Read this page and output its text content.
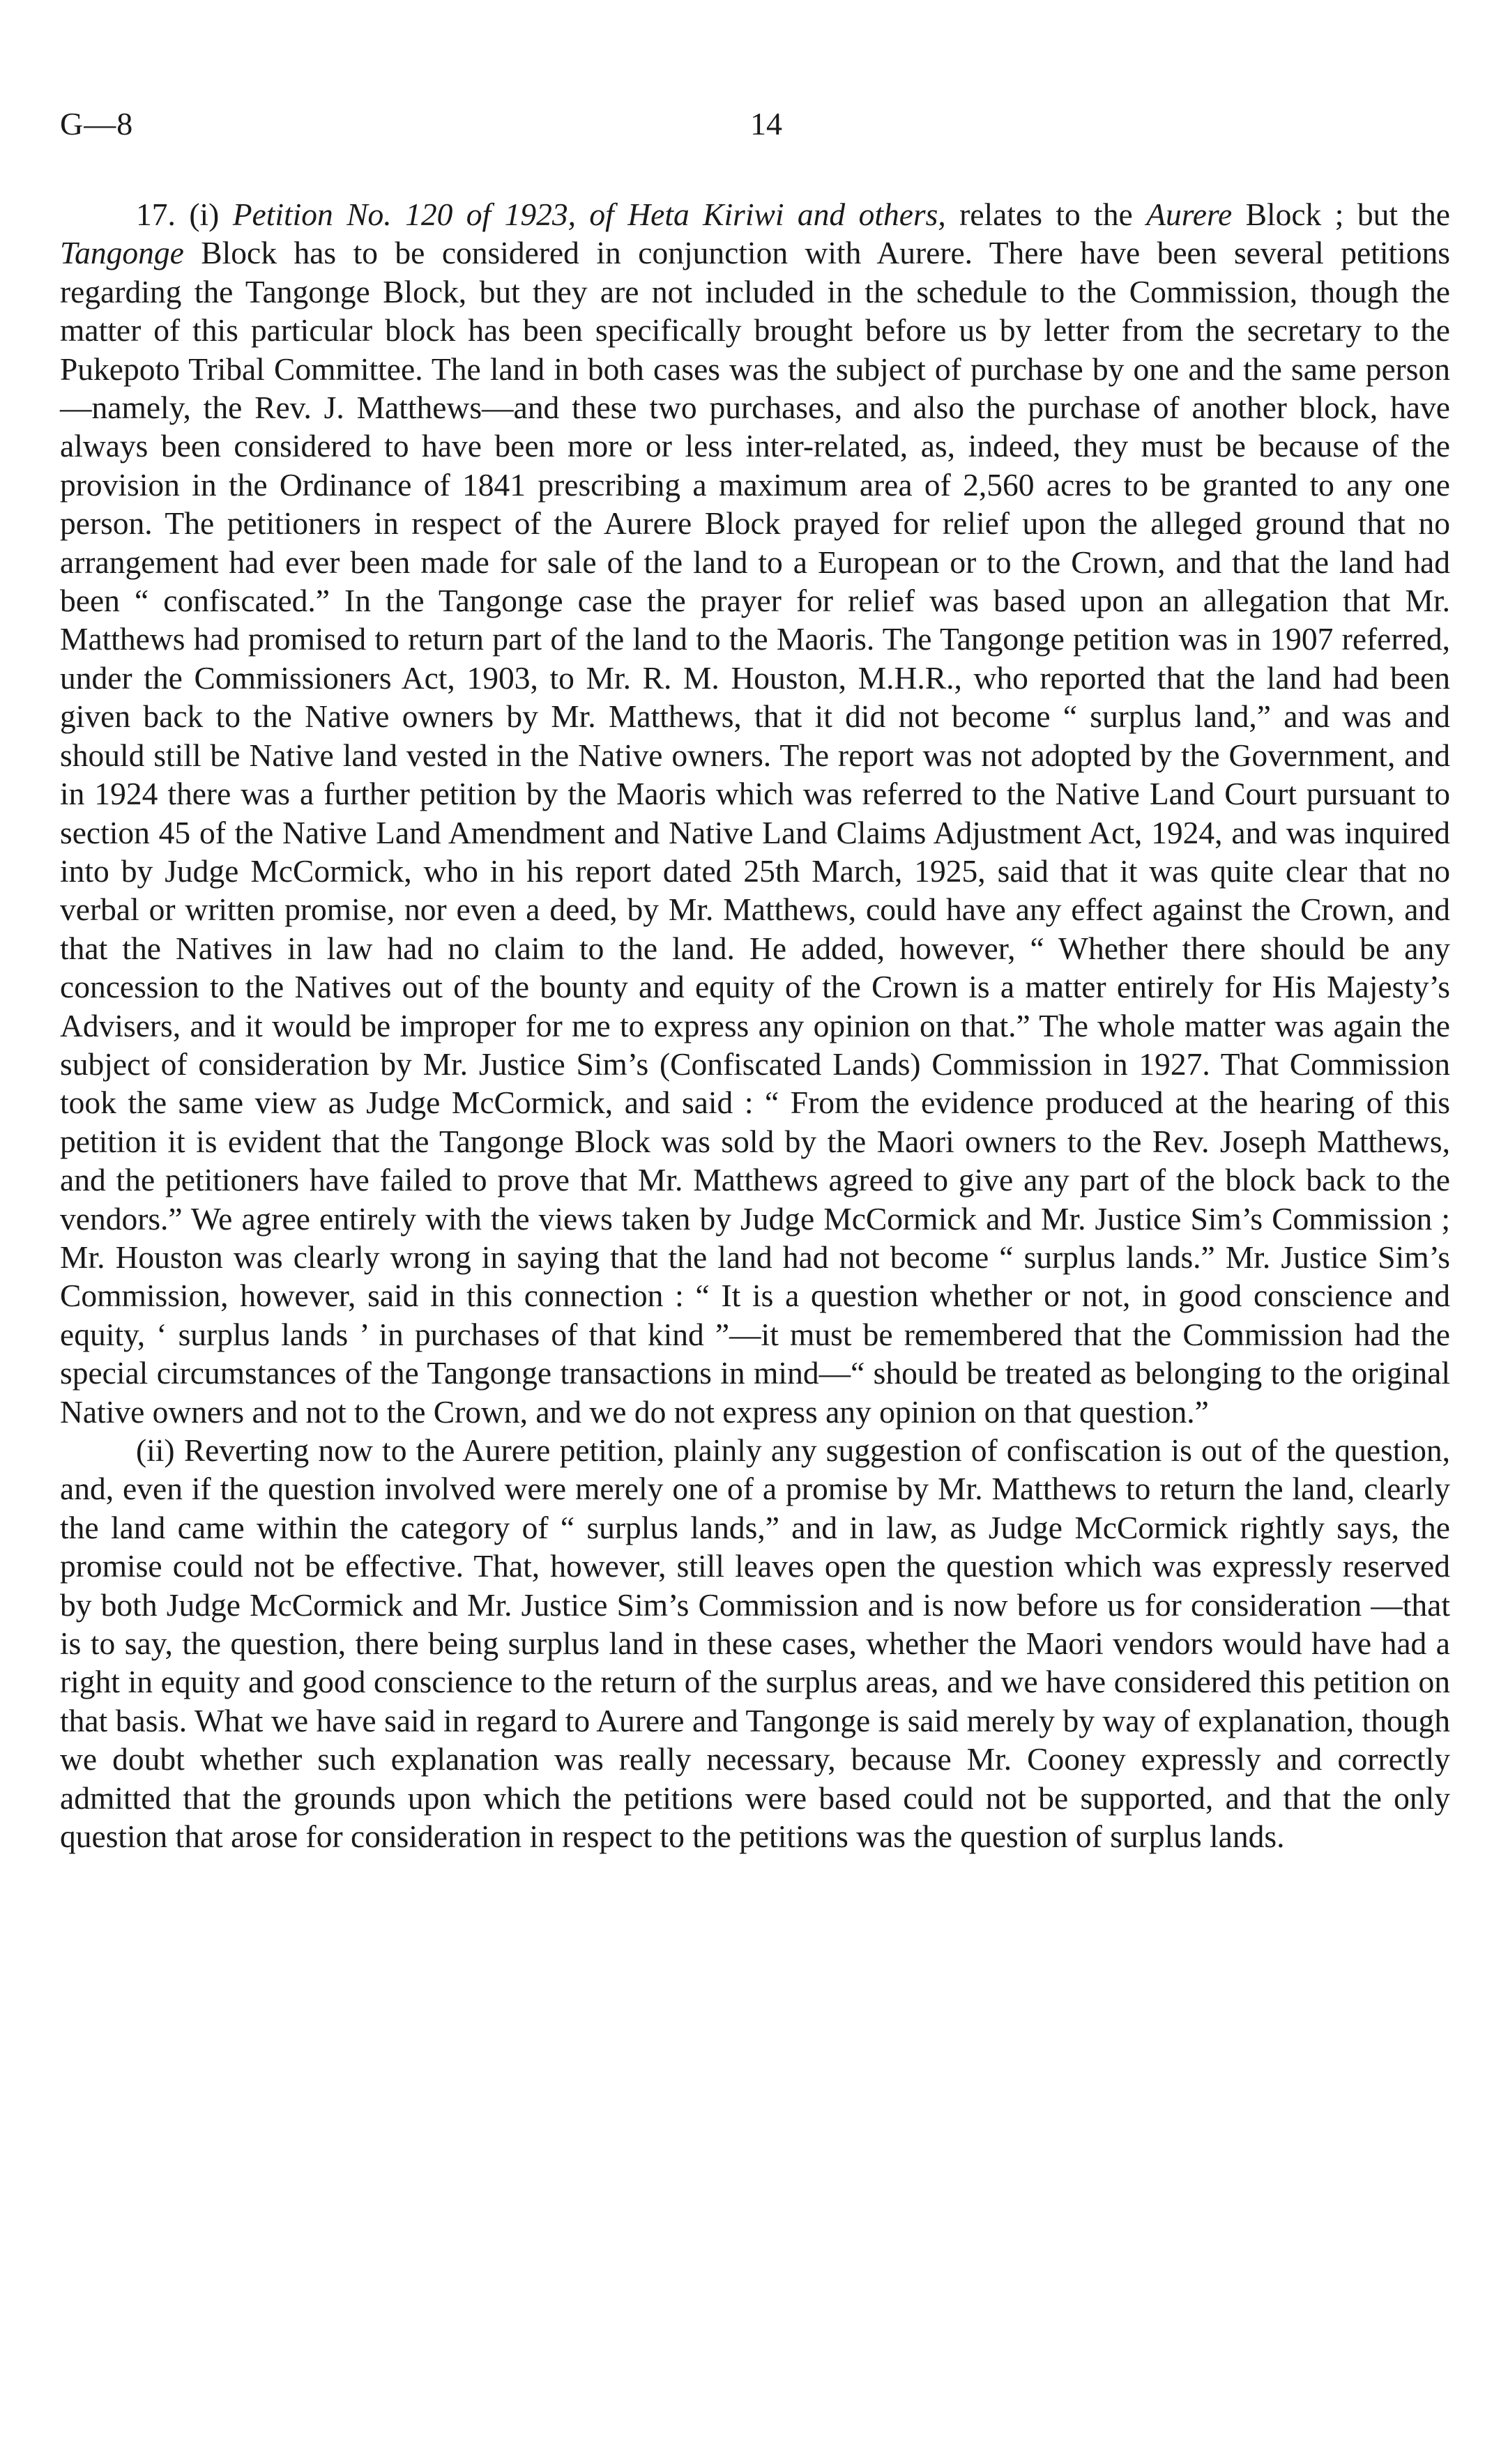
G—8	14

17. (i) Petition No. 120 of 1923, of Heta Kiriwi and others, relates to the Aurere Block ; but the Tangonge Block has to be considered in conjunction with Aurere. There have been several petitions regarding the Tangonge Block, but they are not included in the schedule to the Commission, though the matter of this particular block has been specifically brought before us by letter from the secretary to the Pukepoto Tribal Committee. The land in both cases was the subject of purchase by one and the same person —namely, the Rev. J. Matthews—and these two purchases, and also the purchase of another block, have always been considered to have been more or less inter-related, as, indeed, they must be because of the provision in the Ordinance of 1841 prescribing a maximum area of 2,560 acres to be granted to any one person. The petitioners in respect of the Aurere Block prayed for relief upon the alleged ground that no arrangement had ever been made for sale of the land to a European or to the Crown, and that the land had been “ confiscated.” In the Tangonge case the prayer for relief was based upon an allegation that Mr. Matthews had promised to return part of the land to the Maoris. The Tangonge petition was in 1907 referred, under the Commissioners Act, 1903, to Mr. R. M. Houston, M.H.R., who reported that the land had been given back to the Native owners by Mr. Matthews, that it did not become “ surplus land,” and was and should still be Native land vested in the Native owners. The report was not adopted by the Government, and in 1924 there was a further petition by the Maoris which was referred to the Native Land Court pursuant to section 45 of the Native Land Amendment and Native Land Claims Adjustment Act, 1924, and was inquired into by Judge McCormick, who in his report dated 25th March, 1925, said that it was quite clear that no verbal or written promise, nor even a deed, by Mr. Matthews, could have any effect against the Crown, and that the Natives in law had no claim to the land. He added, however, “ Whether there should be any concession to the Natives out of the bounty and equity of the Crown is a matter entirely for His Majesty’s Advisers, and it would be improper for me to express any opinion on that.” The whole matter was again the subject of consideration by Mr. Justice Sim’s (Confiscated Lands) Commission in 1927. That Commission took the same view as Judge McCormick, and said : “ From the evidence produced at the hearing of this petition it is evident that the Tangonge Block was sold by the Maori owners to the Rev. Joseph Matthews, and the petitioners have failed to prove that Mr. Matthews agreed to give any part of the block back to the vendors.” We agree entirely with the views taken by Judge McCormick and Mr. Justice Sim’s Commission ; Mr. Houston was clearly wrong in saying that the land had not become “ surplus lands.” Mr. Justice Sim’s Commission, however, said in this connection : “ It is a question whether or not, in good conscience and equity, ‘ surplus lands ’ in purchases of that kind ”—it must be remembered that the Commission had the special circumstances of the Tangonge transactions in mind—“ should be treated as belonging to the original Native owners and not to the Crown, and we do not express any opinion on that question.”

(ii) Reverting now to the Aurere petition, plainly any suggestion of confiscation is out of the question, and, even if the question involved were merely one of a promise by Mr. Matthews to return the land, clearly the land came within the category of “ surplus lands,” and in law, as Judge McCormick rightly says, the promise could not be effective. That, however, still leaves open the question which was expressly reserved by both Judge McCormick and Mr. Justice Sim’s Commission and is now before us for consideration —that is to say, the question, there being surplus land in these cases, whether the Maori vendors would have had a right in equity and good conscience to the return of the surplus areas, and we have considered this petition on that basis. What we have said in regard to Aurere and Tangonge is said merely by way of explanation, though we doubt whether such explanation was really necessary, because Mr. Cooney expressly and correctly admitted that the grounds upon which the petitions were based could not be supported, and that the only question that arose for consideration in respect to the petitions was the question of surplus lands.
